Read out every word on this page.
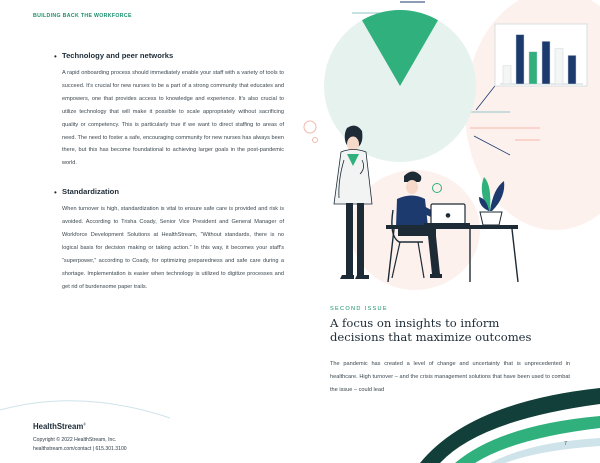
BUILDING BACK THE WORKFORCE
• Technology and peer networks

A rapid onboarding process should immediately enable your staff with a variety of tools to succeed. It's crucial for new nurses to be a part of a strong community that educates and empowers, one that provides access to knowledge and experience. It's also crucial to utilize technology that will make it possible to scale appropriately without sacrificing quality or competency. This is particularly true if we want to direct staffing to areas of need. The need to foster a safe, encouraging community for new nurses has always been there, but this has become foundational to achieving larger goals in the post-pandemic world.

• Standardization

When turnover is high, standardization is vital to ensure safe care is provided and risk is avoided. According to Trisha Coady, Senior Vice President and General Manager of Workforce Development Solutions at HealthStream, “Without standards, there is no logical basis for decision making or taking action.” In this way, it becomes your staff's “superpower,” according to Coady, for optimizing preparedness and safe care during a shortage. Implementation is easier when technology is utilized to digitize processes and get rid of burdensome paper trails.

●

SECOND ISSUE

A focus on insights to inform
decisions that maximize outcomes

The pandemic has created a level of change and uncertainty that is unprecedented in healthcare. High turnover – and the crisis management solutions that have been used to combat the issue – could lead

HealthStream®
Copyright © 2022 HealthStream, Inc.
healthstream.com/contact | 615.301.3100
7
